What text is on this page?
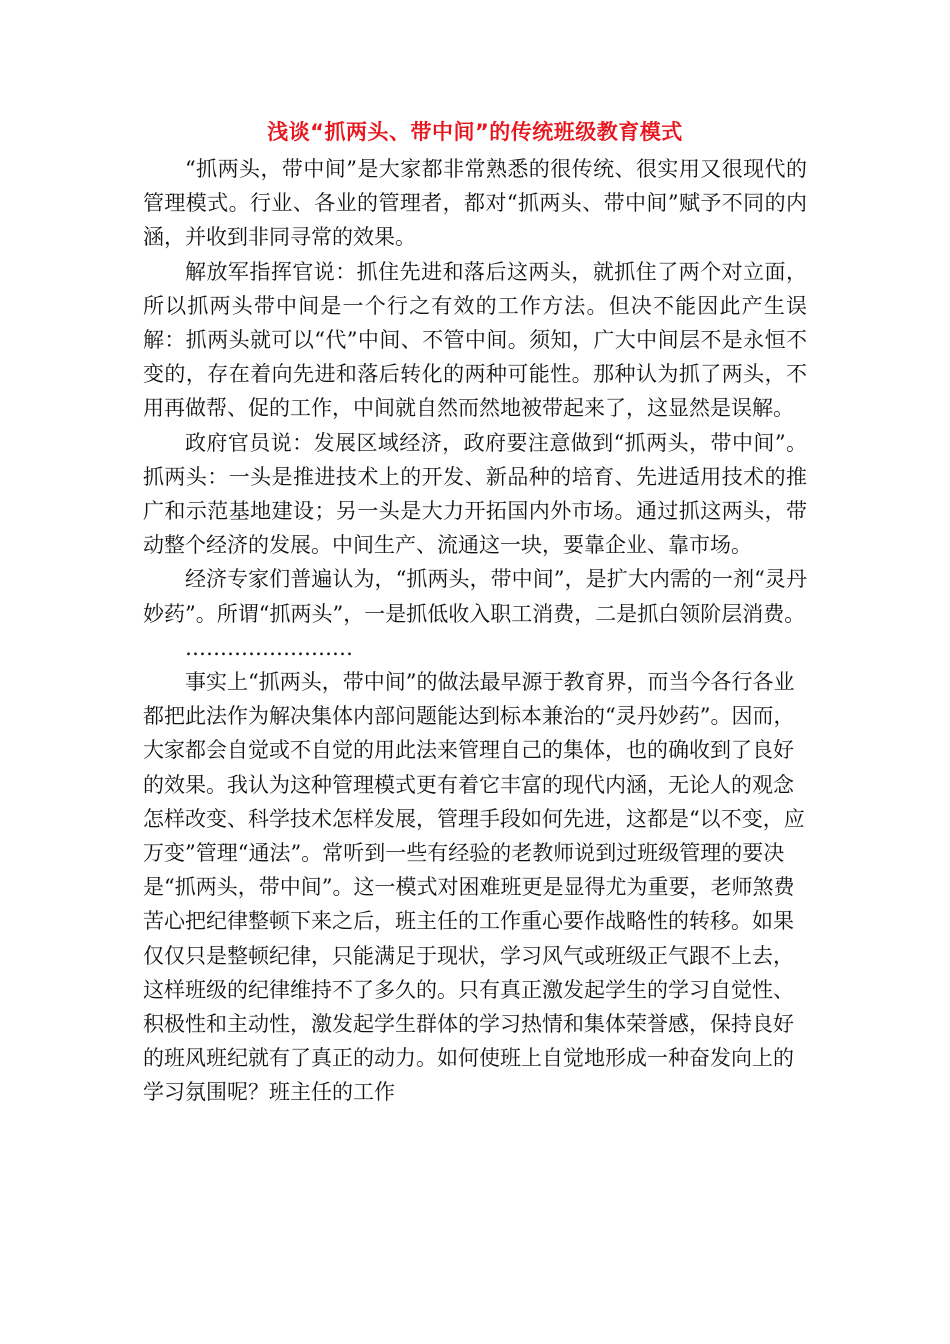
浅谈“抓两头、带中间”的传统班级教育模式

“抓两头，带中间”是大家都非常熟悉的很传统、很实用又很现代的管理模式。行业、各业的管理者，都对“抓两头、带中间”赋予不同的内涵，并收到非同寻常的效果。

解放军指挥官说：抓住先进和落后这两头，就抓住了两个对立面，所以抓两头带中间是一个行之有效的工作方法。但决不能因此产生误解：抓两头就可以“代”中间、不管中间。须知，广大中间层不是永恒不变的，存在着向先进和落后转化的两种可能性。那种认为抓了两头，不用再做帮、促的工作，中间就自然而然地被带起来了，这显然是误解。

政府官员说：发展区域经济，政府要注意做到“抓两头，带中间”。抓两头：一头是推进技术上的开发、新品种的培育、先进适用技术的推广和示范基地建设；另一头是大力开拓国内外市场。通过抓这两头，带动整个经济的发展。中间生产、流通这一块，要靠企业、靠市场。

经济专家们普遍认为，“抓两头，带中间”，是扩大内需的一剂“灵丹妙药”。所谓“抓两头”，一是抓低收入职工消费，二是抓白领阶层消费。

……………………

事实上“抓两头，带中间”的做法最早源于教育界，而当今各行各业都把此法作为解决集体内部问题能达到标本兼治的“灵丹妙药”。因而，大家都会自觉或不自觉的用此法来管理自己的集体，也的确收到了良好的效果。我认为这种管理模式更有着它丰富的现代内涵，无论人的观念怎样改变、科学技术怎样发展，管理手段如何先进，这都是“以不变，应万变”管理“通法”。常听到一些有经验的老教师说到过班级管理的要决是“抓两头，带中间”。这一模式对困难班更是显得尤为重要，老师煞费苦心把纪律整顿下来之后，班主任的工作重心要作战略性的转移。如果仅仅只是整顿纪律，只能满足于现状，学习风气或班级正气跟不上去，这样班级的纪律维持不了多久的。只有真正激发起学生的学习自觉性、积极性和主动性，激发起学生群体的学习热情和集体荣誉感，保持良好的班风班纪就有了真正的动力。如何使班上自觉地形成一种奋发向上的学习氛围呢？班主任的工作
